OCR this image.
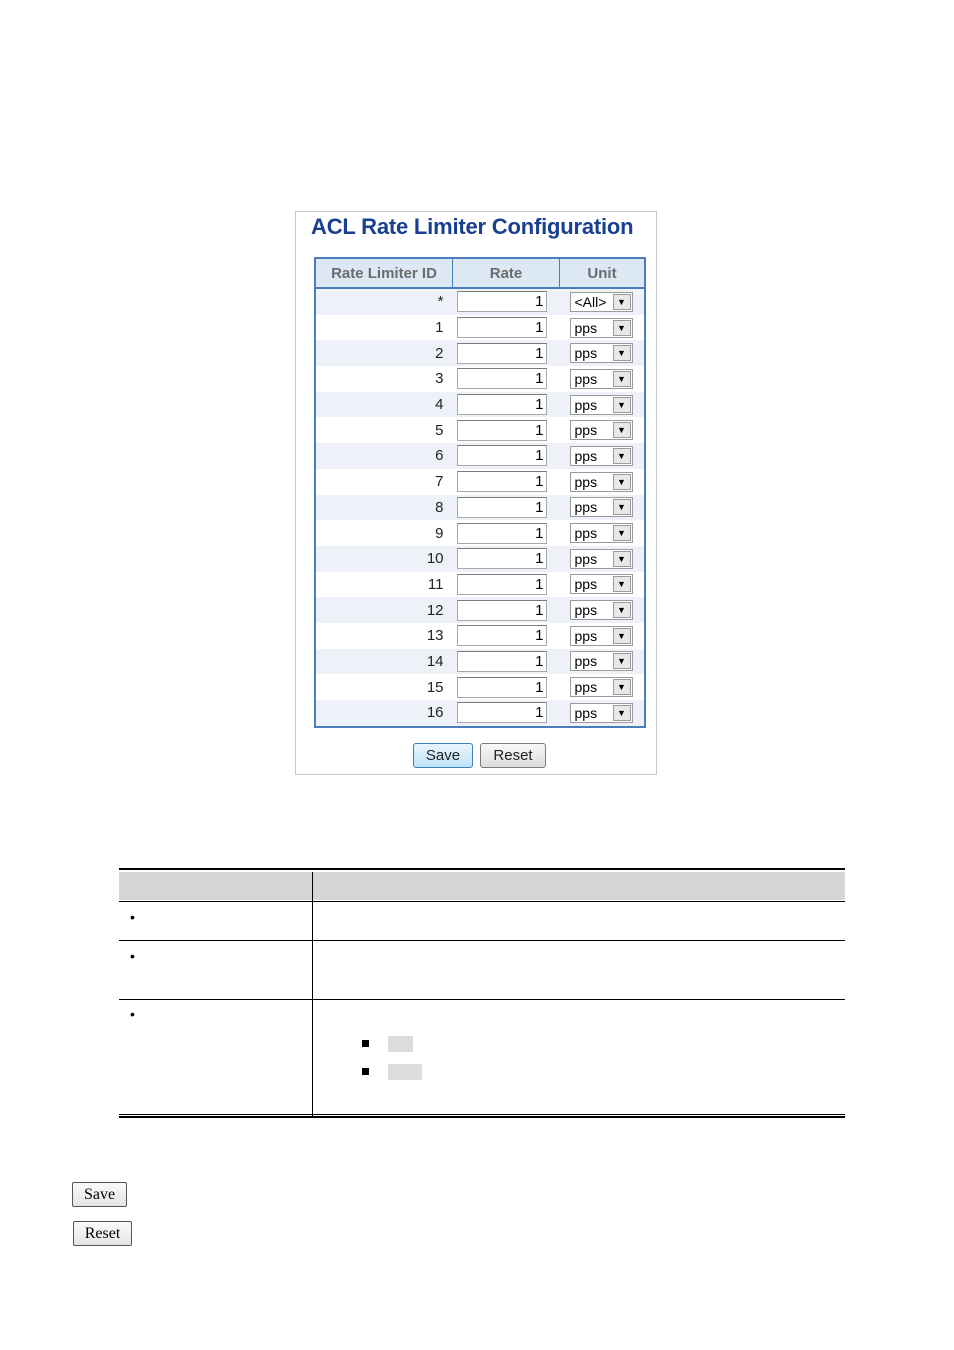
ACL Rate Limiter Configuration
Rate Limiter ID	Rate	Unit
*	1	<All> ▼

1	1	pps ▼

2	1	pps ▼

3	1	pps ▼

4	1	pps ▼

5	1	pps ▼

6	1	pps ▼

7	1	pps ▼

8	1	pps ▼

9	1	pps ▼

10	1	pps ▼

11	1	pps ▼

12	1	pps ▼

13	1	pps ▼

14	1	pps ▼

15	1	pps ▼

16	1	pps ▼
Save	Reset
•
•
•
Save
Reset
